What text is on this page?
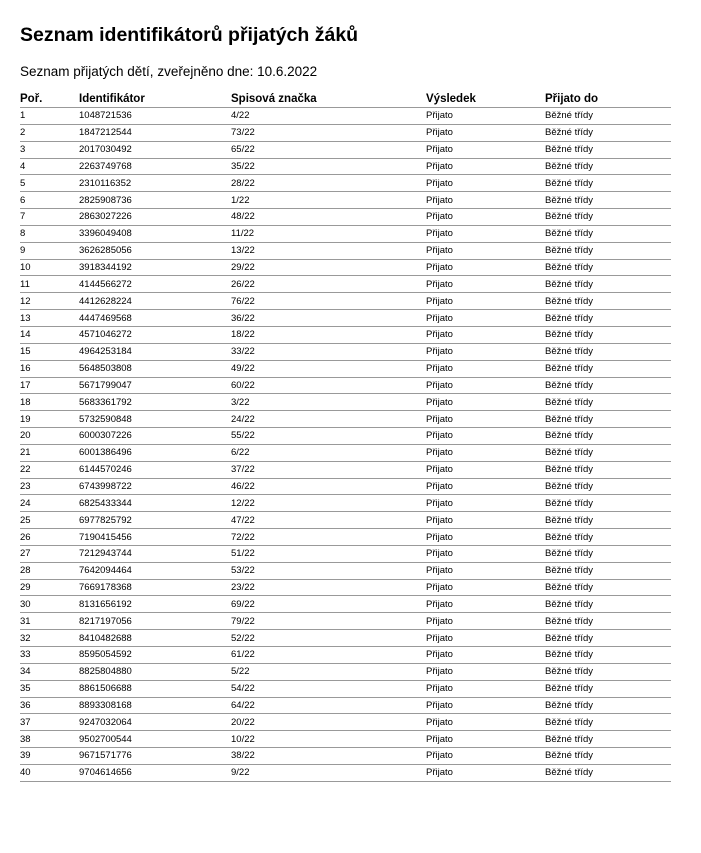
Seznam identifikátorů přijatých žáků
Seznam přijatých dětí, zveřejněno dne: 10.6.2022
Poř.	Identifikátor	Spisová značka	Výsledek	Přijato do
1	1048721536	4/22	Přijato	Běžné třídy
2	1847212544	73/22	Přijato	Běžné třídy
3	2017030492	65/22	Přijato	Běžné třídy
4	2263749768	35/22	Přijato	Běžné třídy
5	2310116352	28/22	Přijato	Běžné třídy
6	2825908736	1/22	Přijato	Běžné třídy
7	2863027226	48/22	Přijato	Běžné třídy
8	3396049408	11/22	Přijato	Běžné třídy
9	3626285056	13/22	Přijato	Běžné třídy
10	3918344192	29/22	Přijato	Běžné třídy
11	4144566272	26/22	Přijato	Běžné třídy
12	4412628224	76/22	Přijato	Běžné třídy
13	4447469568	36/22	Přijato	Běžné třídy
14	4571046272	18/22	Přijato	Běžné třídy
15	4964253184	33/22	Přijato	Běžné třídy
16	5648503808	49/22	Přijato	Běžné třídy
17	5671799047	60/22	Přijato	Běžné třídy
18	5683361792	3/22	Přijato	Běžné třídy
19	5732590848	24/22	Přijato	Běžné třídy
20	6000307226	55/22	Přijato	Běžné třídy
21	6001386496	6/22	Přijato	Běžné třídy
22	6144570246	37/22	Přijato	Běžné třídy
23	6743998722	46/22	Přijato	Běžné třídy
24	6825433344	12/22	Přijato	Běžné třídy
25	6977825792	47/22	Přijato	Běžné třídy
26	7190415456	72/22	Přijato	Běžné třídy
27	7212943744	51/22	Přijato	Běžné třídy
28	7642094464	53/22	Přijato	Běžné třídy
29	7669178368	23/22	Přijato	Běžné třídy
30	8131656192	69/22	Přijato	Běžné třídy
31	8217197056	79/22	Přijato	Běžné třídy
32	8410482688	52/22	Přijato	Běžné třídy
33	8595054592	61/22	Přijato	Běžné třídy
34	8825804880	5/22	Přijato	Běžné třídy
35	8861506688	54/22	Přijato	Běžné třídy
36	8893308168	64/22	Přijato	Běžné třídy
37	9247032064	20/22	Přijato	Běžné třídy
38	9502700544	10/22	Přijato	Běžné třídy
39	9671571776	38/22	Přijato	Běžné třídy
40	9704614656	9/22	Přijato	Běžné třídy
